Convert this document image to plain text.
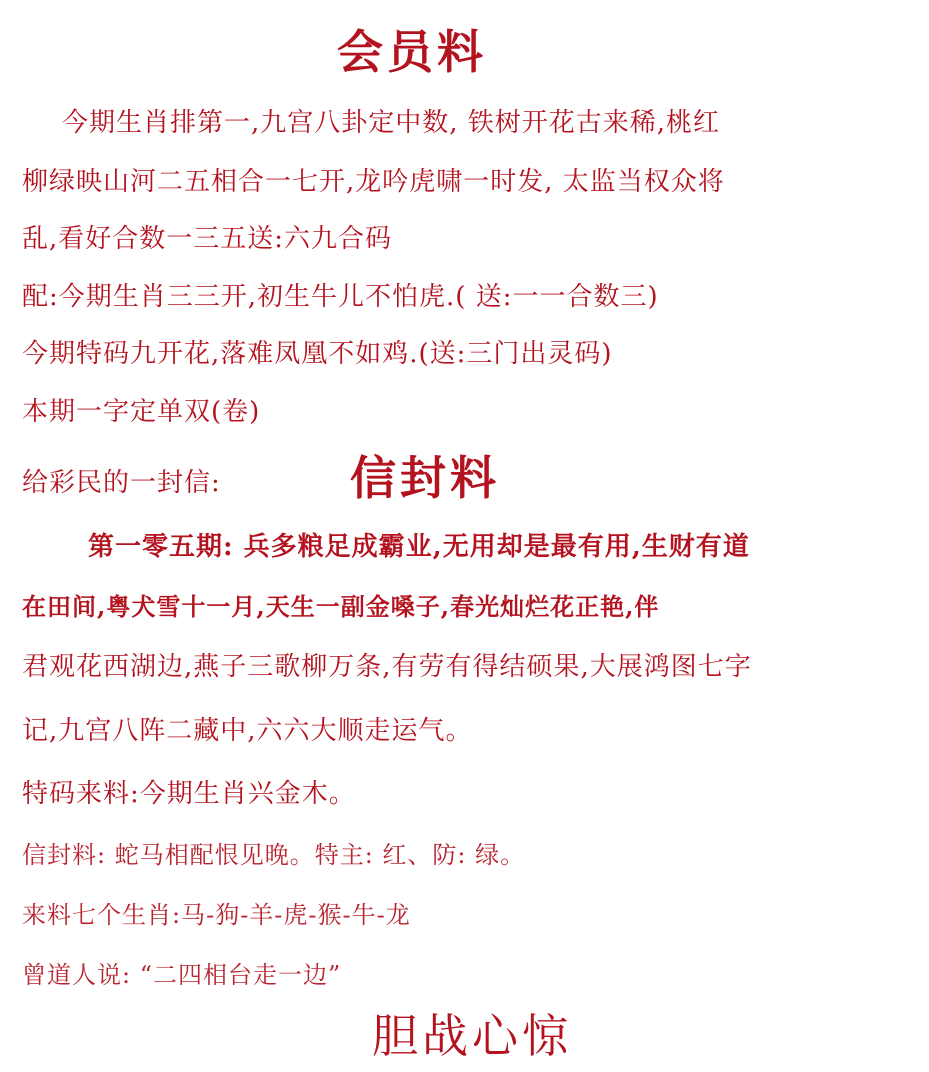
会员料
今期生肖排第一,九宫八卦定中数, 铁树开花古来稀,桃红
柳绿映山河二五相合一七开,龙吟虎啸一时发, 太监当权众将
乱,看好合数一三五送:六九合码
配:今期生肖三三开,初生牛儿不怕虎.( 送:一一合数三)
今期特码九开花,落难凤凰不如鸡.(送:三门出灵码)
本期一字定单双(卷)
给彩民的一封信:	信封料
第一零五期: 兵多粮足成霸业,无用却是最有用,生财有道
在田间,粤犬雪十一月,天生一副金嗓子,春光灿烂花正艳,伴
君观花西湖边,燕子三歌柳万条,有劳有得结硕果,大展鸿图七字
记,九宫八阵二藏中,六六大顺走运气。
特码来料:今期生肖兴金木。
信封料: 蛇马相配恨见晚。特主: 红、防: 绿。
来料七个生肖:马-狗-羊-虎-猴-牛-龙
曾道人说: “二四相台走一边”
胆战心惊
